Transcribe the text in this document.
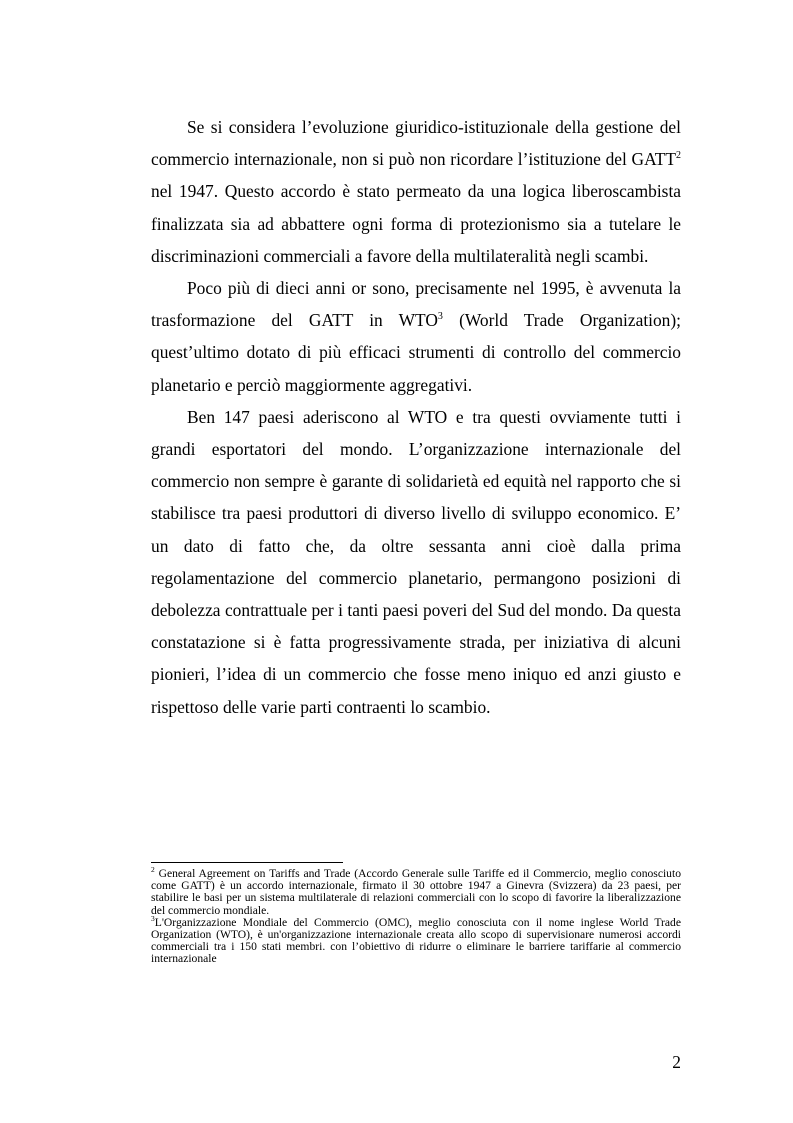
Se si considera l’evoluzione giuridico-istituzionale della gestione del commercio internazionale, non si può non ricordare l’istituzione del GATT$^2$ nel 1947. Questo accordo è stato permeato da una logica liberoscambista finalizzata sia ad abbattere ogni forma di protezionismo sia a tutelare le discriminazioni commerciali a favore della multilateralità negli scambi.

Poco più di dieci anni or sono, precisamente nel 1995, è avvenuta la trasformazione del GATT in WTO$^3$ (World Trade Organization); quest’ultimo dotato di più efficaci strumenti di controllo del commercio planetario e perciò maggiormente aggregativi.

Ben 147 paesi aderiscono al WTO e tra questi ovviamente tutti i grandi esportatori del mondo. L’organizzazione internazionale del commercio non sempre è garante di solidarietà ed equità nel rapporto che si stabilisce tra paesi produttori di diverso livello di sviluppo economico. E’ un dato di fatto che, da oltre sessanta anni cioè dalla prima regolamentazione del commercio planetario, permangono posizioni di debolezza contrattuale per i tanti paesi poveri del Sud del mondo. Da questa constatazione si è fatta progressivamente strada, per iniziativa di alcuni pionieri, l’idea di un commercio che fosse meno iniquo ed anzi giusto e rispettoso delle varie parti contraenti lo scambio.

$^2$ General Agreement on Tariffs and Trade (Accordo Generale sulle Tariffe ed il Commercio, meglio conosciuto come GATT) è un accordo internazionale, firmato il 30 ottobre 1947 a Ginevra (Svizzera) da 23 paesi, per stabilire le basi per un sistema multilaterale di relazioni commerciali con lo scopo di favorire la liberalizzazione del commercio mondiale.

$^3$L'Organizzazione Mondiale del Commercio (OMC), meglio conosciuta con il nome inglese World Trade Organization (WTO), è un'organizzazione internazionale creata allo scopo di supervisionare numerosi accordi commerciali tra i 150 stati membri. con l’obiettivo di ridurre o eliminare le barriere tariffarie al commercio internazionale

2
